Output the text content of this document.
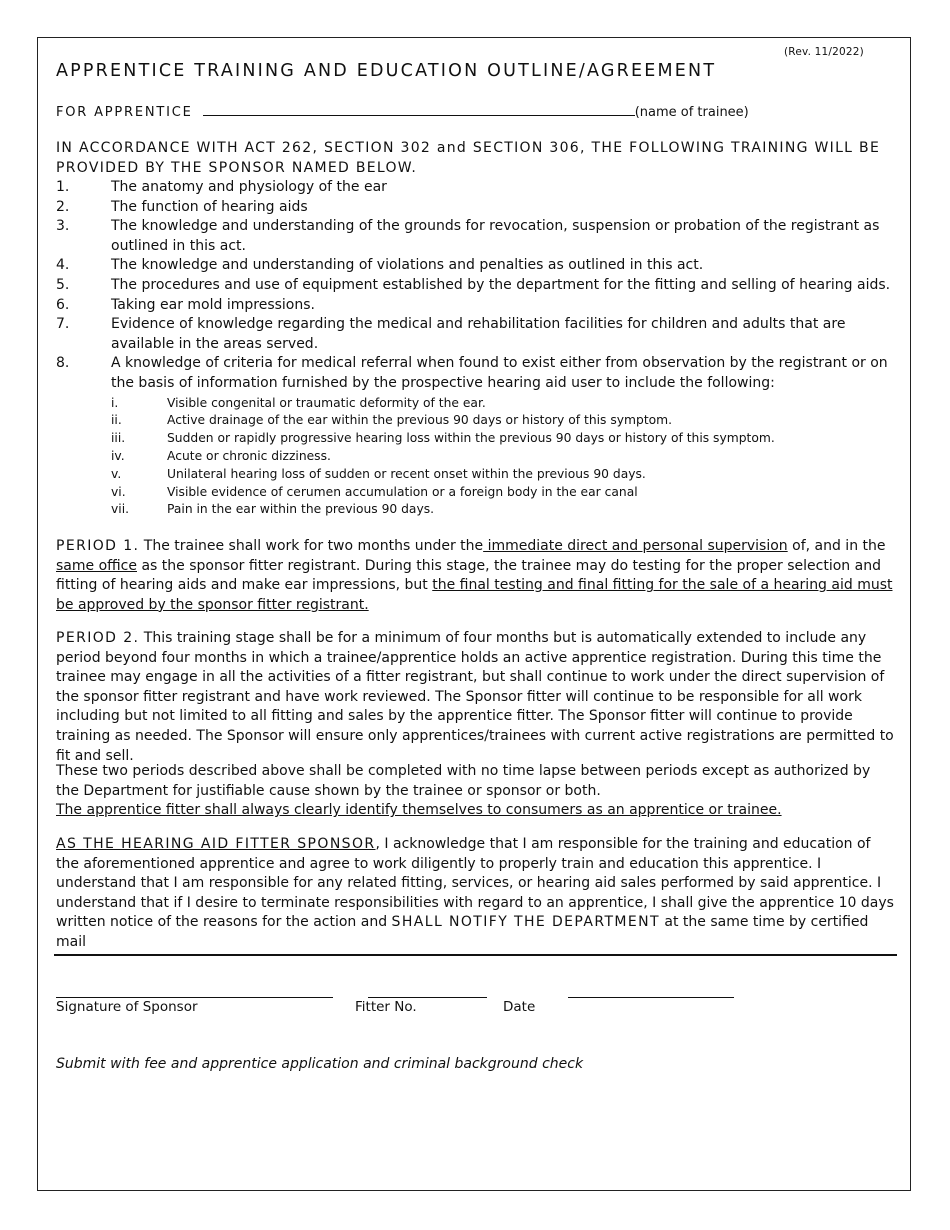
(Rev. 11/2022)
APPRENTICE TRAINING AND EDUCATION OUTLINE/AGREEMENT
FOR APPRENTICE	(name of trainee)
IN ACCORDANCE WITH ACT 262, SECTION 302 and SECTION 306, THE FOLLOWING TRAINING WILL BE PROVIDED BY THE SPONSOR NAMED BELOW.
1.	The anatomy and physiology of the ear
2.	The function of hearing aids
3.	The knowledge and understanding of the grounds for revocation, suspension or probation of the registrant as outlined in this act.
4.	The knowledge and understanding of violations and penalties as outlined in this act.
5.	The procedures and use of equipment established by the department for the fitting and selling of hearing aids.
6.	Taking ear mold impressions.
7.	Evidence of knowledge regarding the medical and rehabilitation facilities for children and adults that are available in the areas served.
8.	A knowledge of criteria for medical referral when found to exist either from observation by the registrant or on the basis of information furnished by the prospective hearing aid user to include the following:
i.	Visible congenital or traumatic deformity of the ear.
ii.	Active drainage of the ear within the previous 90 days or history of this symptom.
iii.	Sudden or rapidly progressive hearing loss within the previous 90 days or history of this symptom.
iv.	Acute or chronic dizziness.
v.	Unilateral hearing loss of sudden or recent onset within the previous 90 days.
vi.	Visible evidence of cerumen accumulation or a foreign body in the ear canal
vii.	Pain in the ear within the previous 90 days.
PERIOD 1. The trainee shall work for two months under the immediate direct and personal supervision of, and in the same office as the sponsor fitter registrant. During this stage, the trainee may do testing for the proper selection and fitting of hearing aids and make ear impressions, but the final testing and final fitting for the sale of a hearing aid must be approved by the sponsor fitter registrant.
PERIOD 2. This training stage shall be for a minimum of four months but is automatically extended to include any period beyond four months in which a trainee/apprentice holds an active apprentice registration. During this time the trainee may engage in all the activities of a fitter registrant, but shall continue to work under the direct supervision of the sponsor fitter registrant and have work reviewed. The Sponsor fitter will continue to be responsible for all work including but not limited to all fitting and sales by the apprentice fitter. The Sponsor fitter will continue to provide training as needed. The Sponsor will ensure only apprentices/trainees with current active registrations are permitted to fit and sell.
These two periods described above shall be completed with no time lapse between periods except as authorized by the Department for justifiable cause shown by the trainee or sponsor or both.
The apprentice fitter shall always clearly identify themselves to consumers as an apprentice or trainee.
AS THE HEARING AID FITTER SPONSOR, I acknowledge that I am responsible for the training and education of the aforementioned apprentice and agree to work diligently to properly train and education this apprentice. I understand that I am responsible for any related fitting, services, or hearing aid sales performed by said apprentice. I understand that if I desire to terminate responsibilities with regard to an apprentice, I shall give the apprentice 10 days written notice of the reasons for the action and SHALL NOTIFY THE DEPARTMENT at the same time by certified mail
Signature of Sponsor	Fitter No.	Date
Submit with fee and apprentice application and criminal background check
